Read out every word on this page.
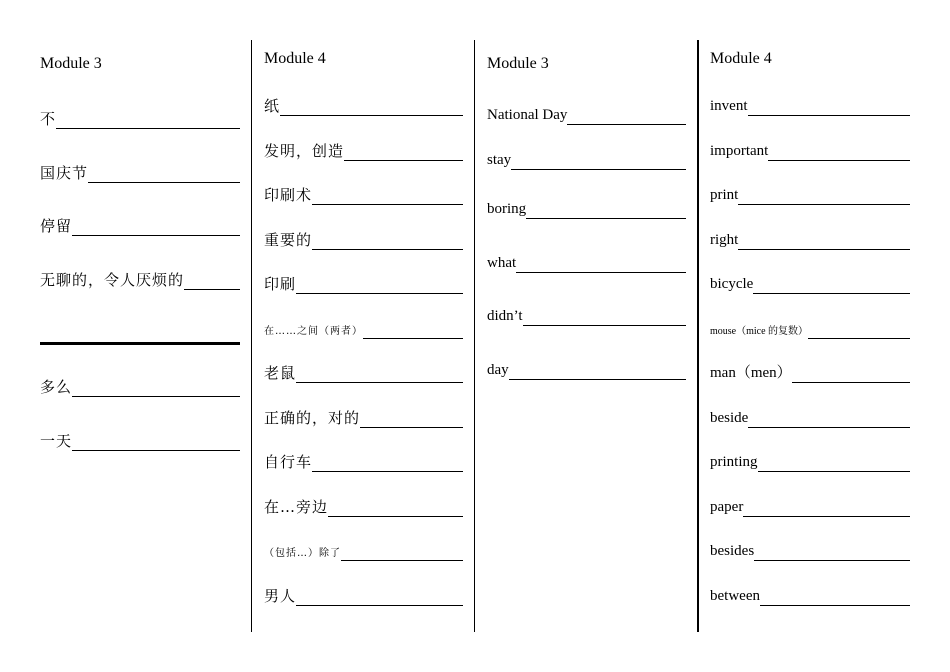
Module 3
不
国庆节
停留
无聊的，令人厌烦的
多么
一天
Module 4
纸
发明，创造
印刷术
重要的
印刷
在……之间（两者）
老鼠
正确的，对的
自行车
在…旁边
（包括…）除了
男人
Module 3
National Day
stay
boring
what
didn’t
day
Module 4
invent
important
print
right
bicycle
mouse（mice 的复数）
man（men）
beside
printing
paper
besides
between
